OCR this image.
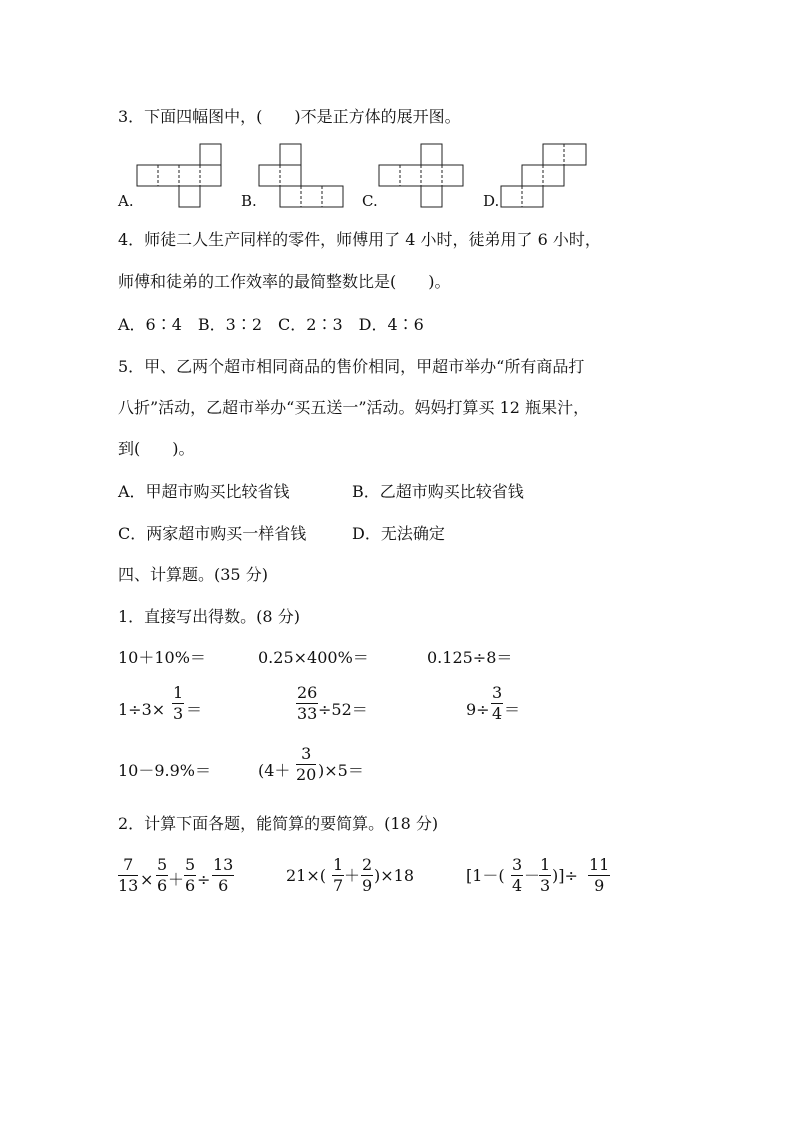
3．下面四幅图中，(　　)不是正方体的展开图。
A.	B.	C.	D.
4．师徒二人生产同样的零件，师傅用了 4 小时，徒弟用了 6 小时，
师傅和徒弟的工作效率的最简整数比是(　　)。
A．6∶4　B．3∶2　C．2∶3　D．4∶6
5．甲、乙两个超市相同商品的售价相同，甲超市举办“所有商品打
八折”活动，乙超市举办“买五送一”活动。妈妈打算买 12 瓶果汁，
到(　　)。
A．甲超市购买比较省钱	B．乙超市购买比较省钱
C．两家超市购买一样省钱	D．无法确定
四、计算题。(35 分)
1．直接写出得数。(8 分)
10＋10%＝	0.25×400%＝	0.125÷8＝
1÷3×
1
3 ＝
26
33 ÷52＝	9÷
3
4 ＝
10－9.9%＝	(4＋
3
20 )×5＝
2．计算下面各题，能简算的要简算。(18 分)
7
13 ×
5
6 ＋
5
6 ÷
13
6
21×(
1
7
＋
2
9
)×18	[1－(
3
4
－
1
3
)]÷
11
9
